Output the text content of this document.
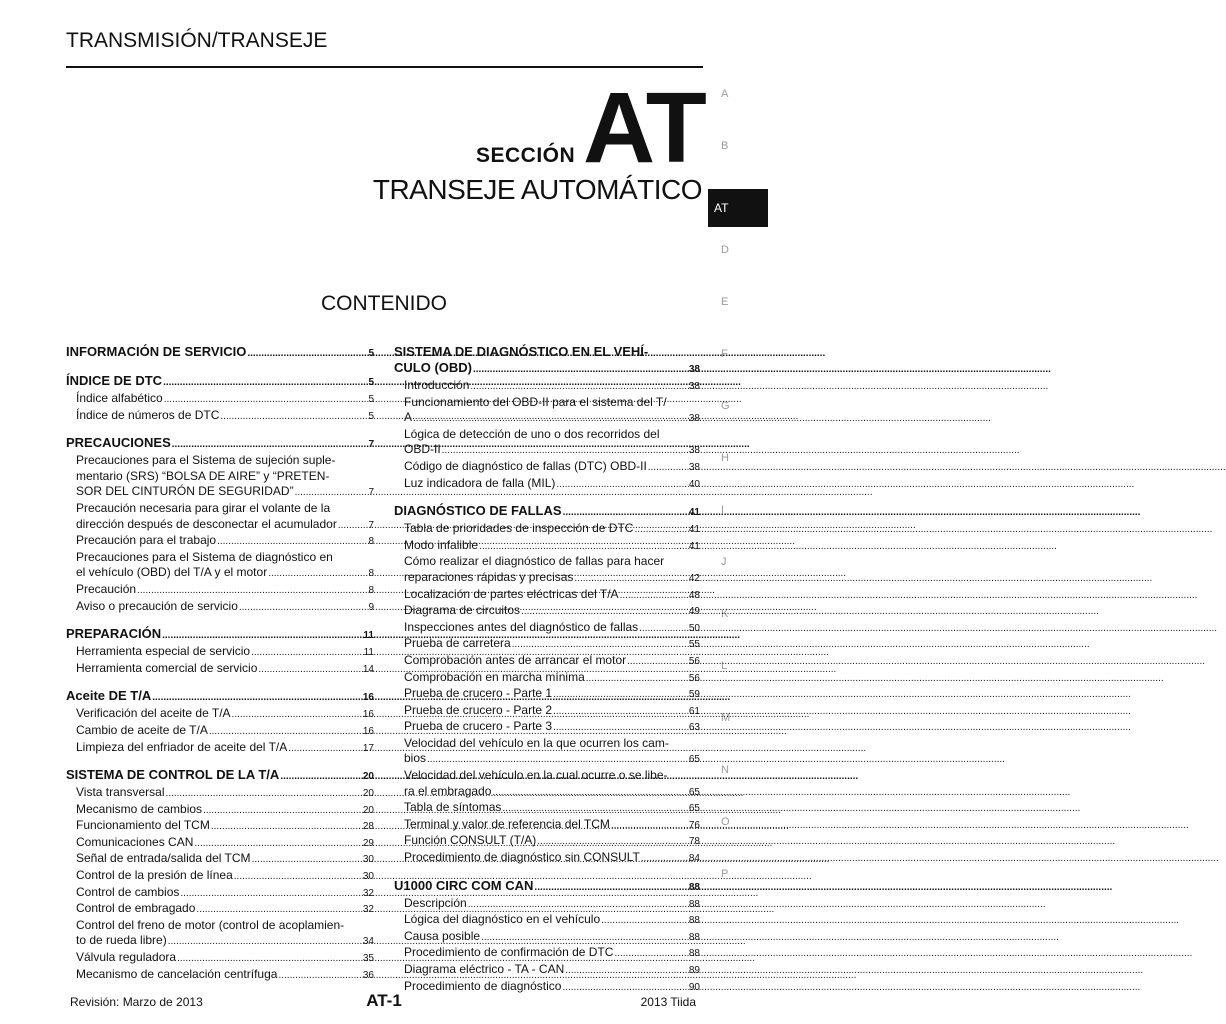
TRANSMISIÓN/TRANSEJE
SECCIÓN AT
TRANSEJE AUTOMÁTICO
A
B
AT
D
E
F
G
H
I
J
K
L
M
N
O
P
CONTENIDO
INFORMACIÓN DE SERVICIO .....	5
ÍNDICE DE DTC .....	5
Índice alfabético .....	5
Índice de números de DTC .....	5
PRECAUCIONES .....	7
Precauciones para el Sistema de sujeción suple-
mentario (SRS) “BOLSA DE AIRE” y “PRETEN-
SOR DEL CINTURÓN DE SEGURIDAD” .....	7
Precaución necesaria para girar el volante de la
dirección después de desconectar el acumulador .....	7
Precaución para el trabajo .....	8
Precauciones para el Sistema de diagnóstico en
el vehículo (OBD) del T/A y el motor .....	8
Precaución .....	8
Aviso o precaución de servicio .....	9
PREPARACIÓN .....	11
Herramienta especial de servicio .....	11
Herramienta comercial de servicio .....	14
Aceite DE T/A .....	16
Verificación del aceite de T/A .....	16
Cambio de aceite de T/A .....	16
Limpieza del enfriador de aceite del T/A .....	17
SISTEMA DE CONTROL DE LA T/A .....	20
Vista transversal .....	20
Mecanismo de cambios .....	20
Funcionamiento del TCM .....	28
Comunicaciones CAN .....	29
Señal de entrada/salida del TCM .....	30
Control de la presión de línea .....	30
Control de cambios .....	32
Control de embragado .....	32
Control del freno de motor (control de acoplamien-
to de rueda libre) .....	34
Válvula reguladora .....	35
Mecanismo de cancelación centrífuga .....	36
SISTEMA DE DIAGNÓSTICO EN EL VEHÍ-
CULO (OBD) .....	38
Introducción .....	38
Funcionamiento del OBD-II para el sistema del T/
A .....	38
Lógica de detección de uno o dos recorridos del
OBD-II .....	38
Código de diagnóstico de fallas (DTC) OBD-II .....	38
Luz indicadora de falla (MIL) .....	40
DIAGNÓSTICO DE FALLAS .....	41
Tabla de prioridades de inspección de DTC .....	41
Modo infalible .....	41
Cómo realizar el diagnóstico de fallas para hacer
reparaciones rápidas y precisas .....	42
Localización de partes eléctricas del T/A .....	48
Diagrama de circuitos .....	49
Inspecciones antes del diagnóstico de fallas .....	50
Prueba de carretera .....	55
Comprobación antes de arrancar el motor .....	56
Comprobación en marcha mínima .....	56
Prueba de crucero - Parte 1 .....	59
Prueba de crucero - Parte 2 .....	61
Prueba de crucero - Parte 3 .....	63
Velocidad del vehículo en la que ocurren los cam-
bios .....	65
Velocidad del vehículo en la cual ocurre o se libe-
ra el embragado .....	65
Tabla de síntomas .....	65
Terminal y valor de referencia del TCM .....	76
Función CONSULT (T/A) .....	78
Procedimiento de diagnóstico sin CONSULT .....	84
U1000 CIRC COM CAN .....	88
Descripción .....	88
Lógica del diagnóstico en el vehículo .....	88
Causa posible .....	88
Procedimiento de confirmación de DTC .....	88
Diagrama eléctrico - TA - CAN .....	89
Procedimiento de diagnóstico .....	90
Revisión: Marzo de 2013	AT-1	2013 Tiida
